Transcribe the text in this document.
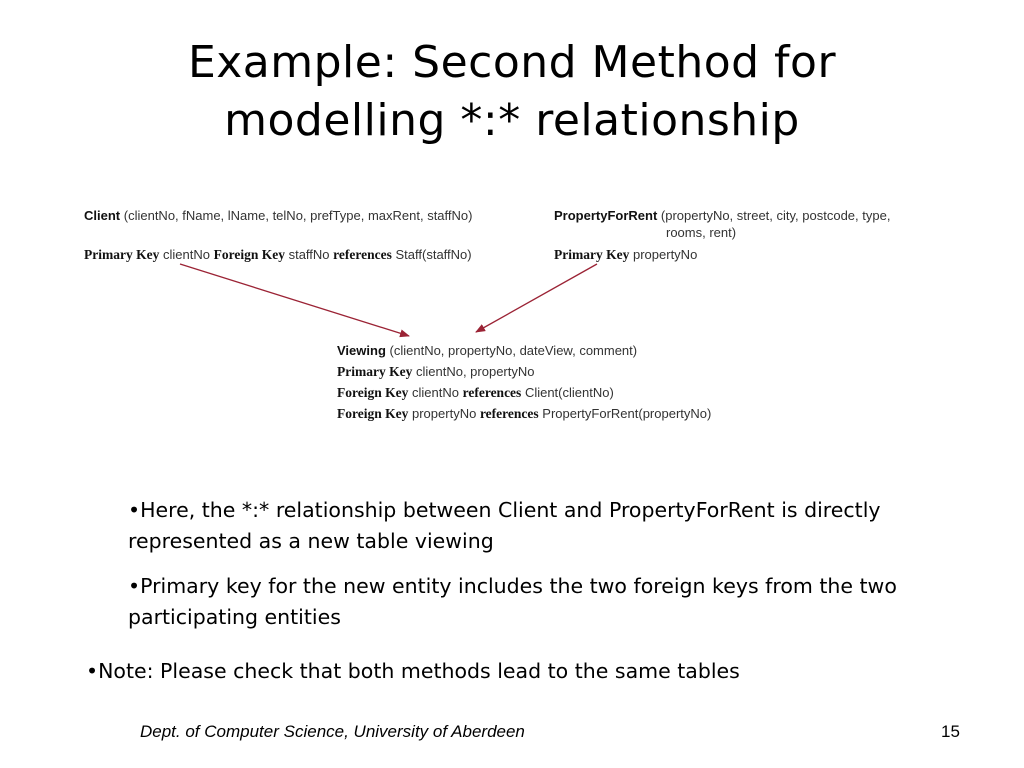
Example: Second Method for
modelling *:* relationship
Client (clientNo, fName, lName, telNo, prefType, maxRent, staffNo)
Primary Key clientNo Foreign Key staffNo references Staff(staffNo)
PropertyForRent (propertyNo, street, city, postcode, type,
rooms, rent)
Primary Key propertyNo
Viewing (clientNo, propertyNo, dateView, comment)
Primary Key clientNo, propertyNo
Foreign Key clientNo references Client(clientNo)
Foreign Key propertyNo references PropertyForRent(propertyNo)
•Here, the *:* relationship between Client and PropertyForRent is directly represented as a new table viewing
•Primary key for the new entity includes the two foreign keys from the two participating entities
•Note: Please check that both methods lead to the same tables
Dept. of Computer Science, University of Aberdeen	15
